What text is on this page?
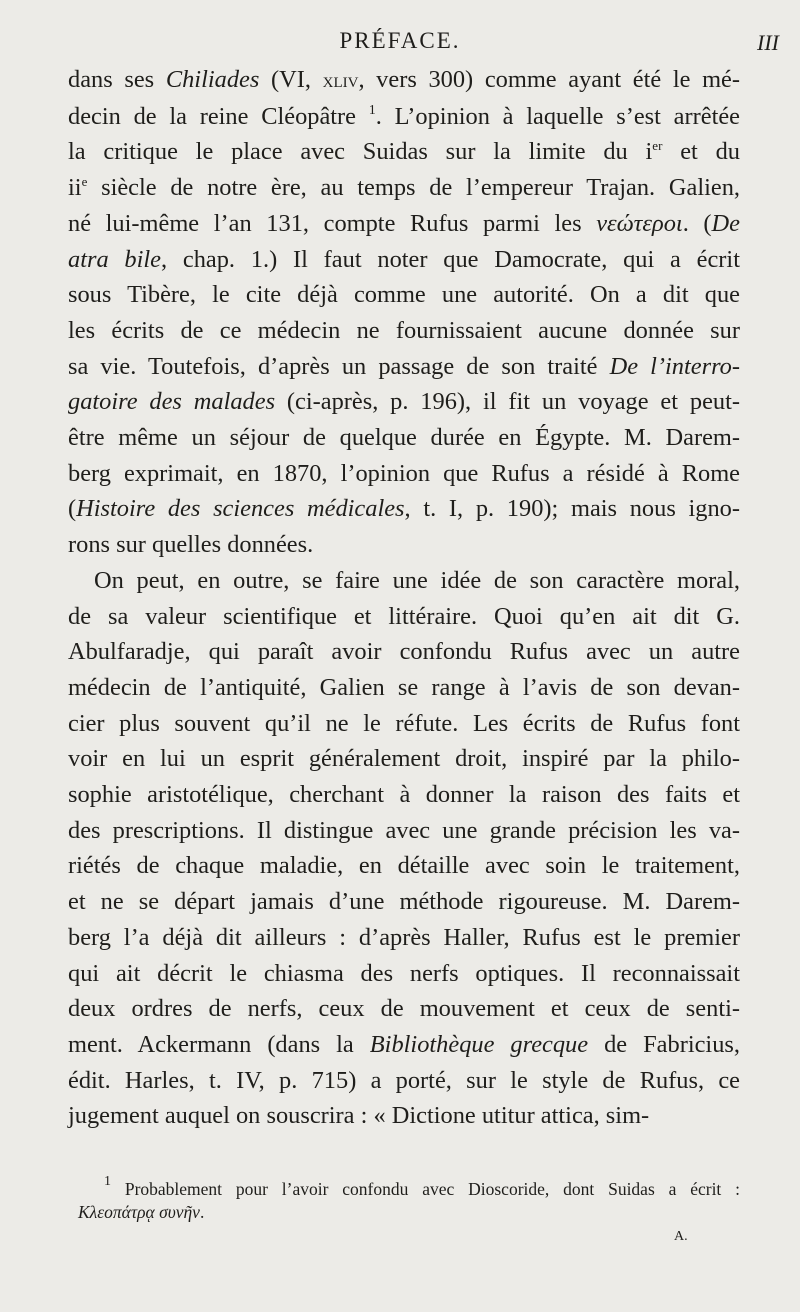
PRÉFACE.	III
dans ses Chiliades (VI, xliv, vers 300) comme ayant été le mé-
decin de la reine Cléopâtre $^1$. L’opinion à laquelle s’est arrêtée
la critique le place avec Suidas sur la limite du $i^{er}$ et du
$ii^e$ siècle de notre ère, au temps de l’empereur Trajan. Galien,
né lui-même l’an 131, compte Rufus parmi les νεώτεροι. (De
atra bile, chap. 1.) Il faut noter que Damocrate, qui a écrit
sous Tibère, le cite déjà comme une autorité. On a dit que
les écrits de ce médecin ne fournissaient aucune donnée sur
sa vie. Toutefois, d’après un passage de son traité De l’interro-
gatoire des malades (ci-après, p. 196), il fit un voyage et peut-
être même un séjour de quelque durée en Égypte. M. Darem-
berg exprimait, en 1870, l’opinion que Rufus a résidé à Rome
(Histoire des sciences médicales, t. I, p. 190); mais nous igno-
rons sur quelles données.
On peut, en outre, se faire une idée de son caractère moral,
de sa valeur scientifique et littéraire. Quoi qu’en ait dit G.
Abulfaradje, qui paraît avoir confondu Rufus avec un autre
médecin de l’antiquité, Galien se range à l’avis de son devan-
cier plus souvent qu’il ne le réfute. Les écrits de Rufus font
voir en lui un esprit généralement droit, inspiré par la philo-
sophie aristotélique, cherchant à donner la raison des faits et
des prescriptions. Il distingue avec une grande précision les va-
riétés de chaque maladie, en détaille avec soin le traitement,
et ne se départ jamais d’une méthode rigoureuse. M. Darem-
berg l’a déjà dit ailleurs : d’après Haller, Rufus est le premier
qui ait décrit le chiasma des nerfs optiques. Il reconnaissait
deux ordres de nerfs, ceux de mouvement et ceux de senti-
ment. Ackermann (dans la Bibliothèque grecque de Fabricius,
édit. Harles, t. IV, p. 715) a porté, sur le style de Rufus, ce
jugement auquel on souscrira : « Dictione utitur attica, sim-
$^1$ Probablement pour l’avoir confondu avec Dioscoride, dont Suidas a écrit :
Κλεοπάτρᾳ συνῆν.
A.
